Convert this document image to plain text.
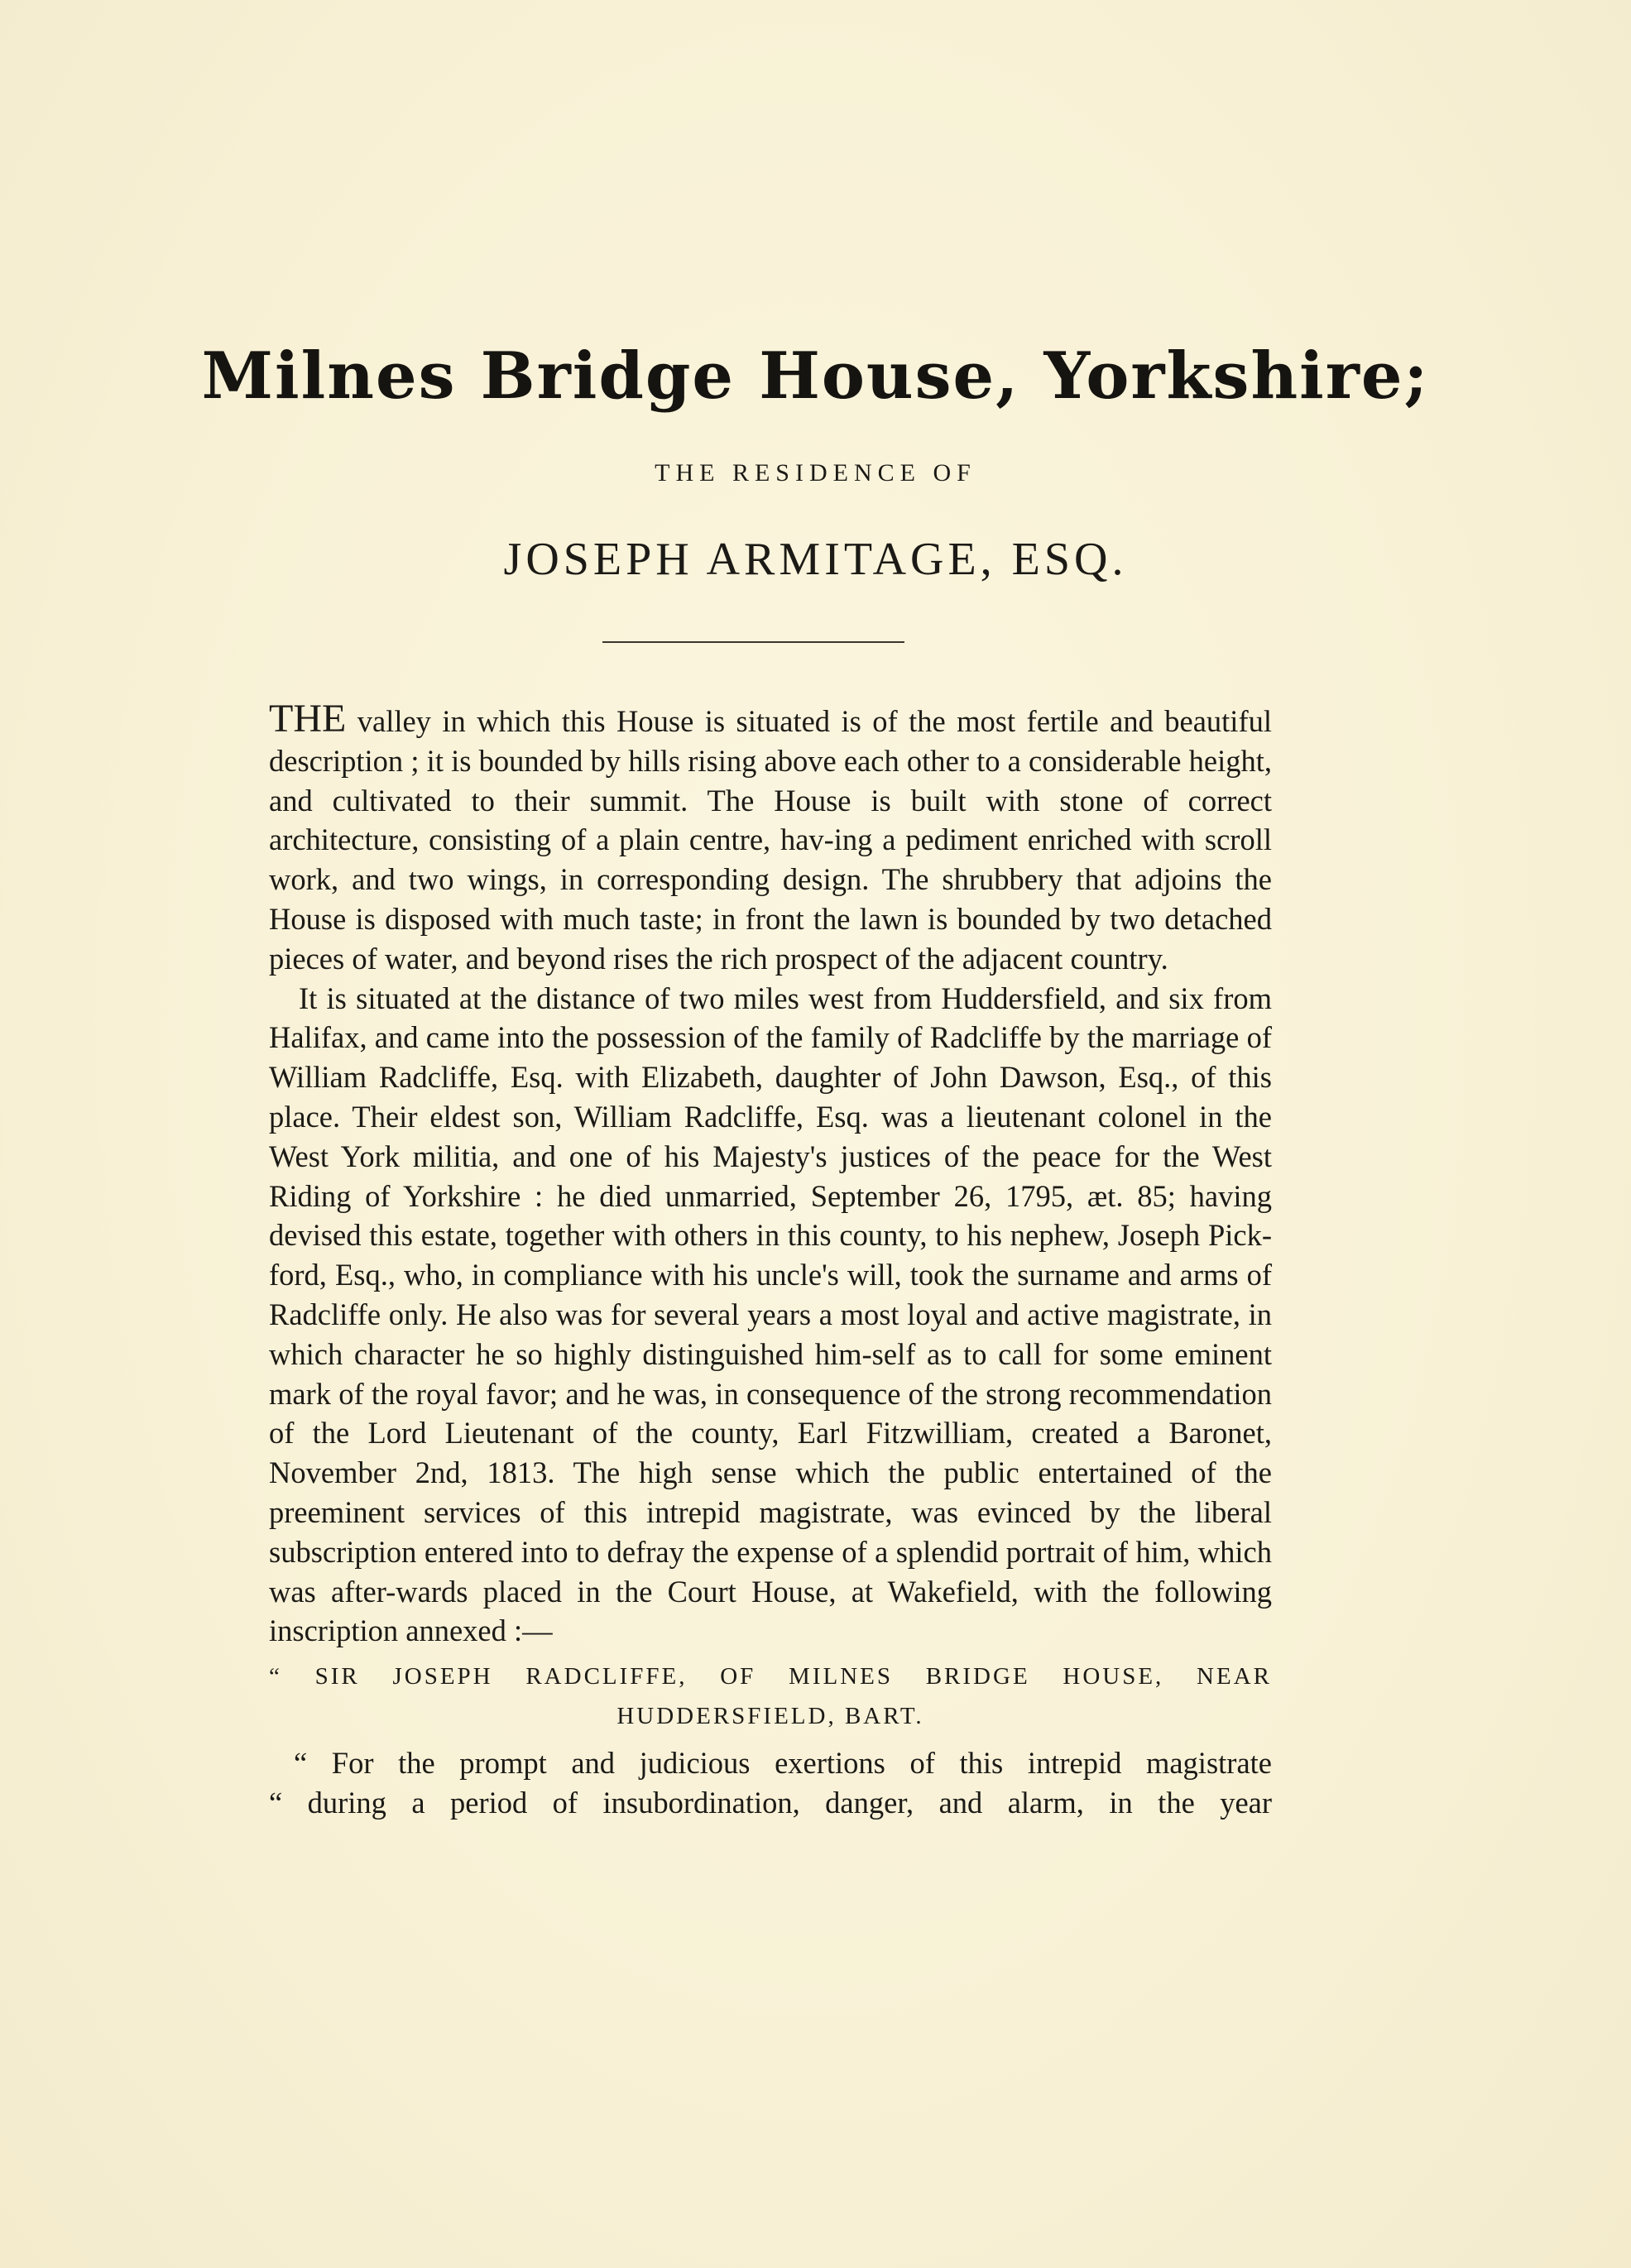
Milnes Bridge House, Yorkshire;
THE RESIDENCE OF
JOSEPH ARMITAGE, ESQ.

THE valley in which this House is situated is of the most fertile and beautiful description ; it is bounded by hills rising above each other to a considerable height, and cultivated to their summit. The House is built with stone of correct architecture, consisting of a plain centre, hav-ing a pediment enriched with scroll work, and two wings, in corresponding design. The shrubbery that adjoins the House is disposed with much taste; in front the lawn is bounded by two detached pieces of water, and beyond rises the rich prospect of the adjacent country.

It is situated at the distance of two miles west from Huddersfield, and six from Halifax, and came into the possession of the family of Radcliffe by the marriage of William Radcliffe, Esq. with Elizabeth, daughter of John Dawson, Esq., of this place. Their eldest son, William Radcliffe, Esq. was a lieutenant colonel in the West York militia, and one of his Majesty's justices of the peace for the West Riding of Yorkshire : he died unmarried, September 26, 1795, æt. 85; having devised this estate, together with others in this county, to his nephew, Joseph Pick-ford, Esq., who, in compliance with his uncle's will, took the surname and arms of Radcliffe only. He also was for several years a most loyal and active magistrate, in which character he so highly distinguished him-self as to call for some eminent mark of the royal favor; and he was, in consequence of the strong recommendation of the Lord Lieutenant of the county, Earl Fitzwilliam, created a Baronet, November 2nd, 1813. The high sense which the public entertained of the preeminent services of this intrepid magistrate, was evinced by the liberal subscription entered into to defray the expense of a splendid portrait of him, which was after-wards placed in the Court House, at Wakefield, with the following inscription annexed :—

“ SIR JOSEPH RADCLIFFE, OF MILNES BRIDGE HOUSE, NEAR

HUDDERSFIELD, BART.

“ For the prompt and judicious exertions of this intrepid magistrate

“ during a period of insubordination, danger, and alarm, in the year
